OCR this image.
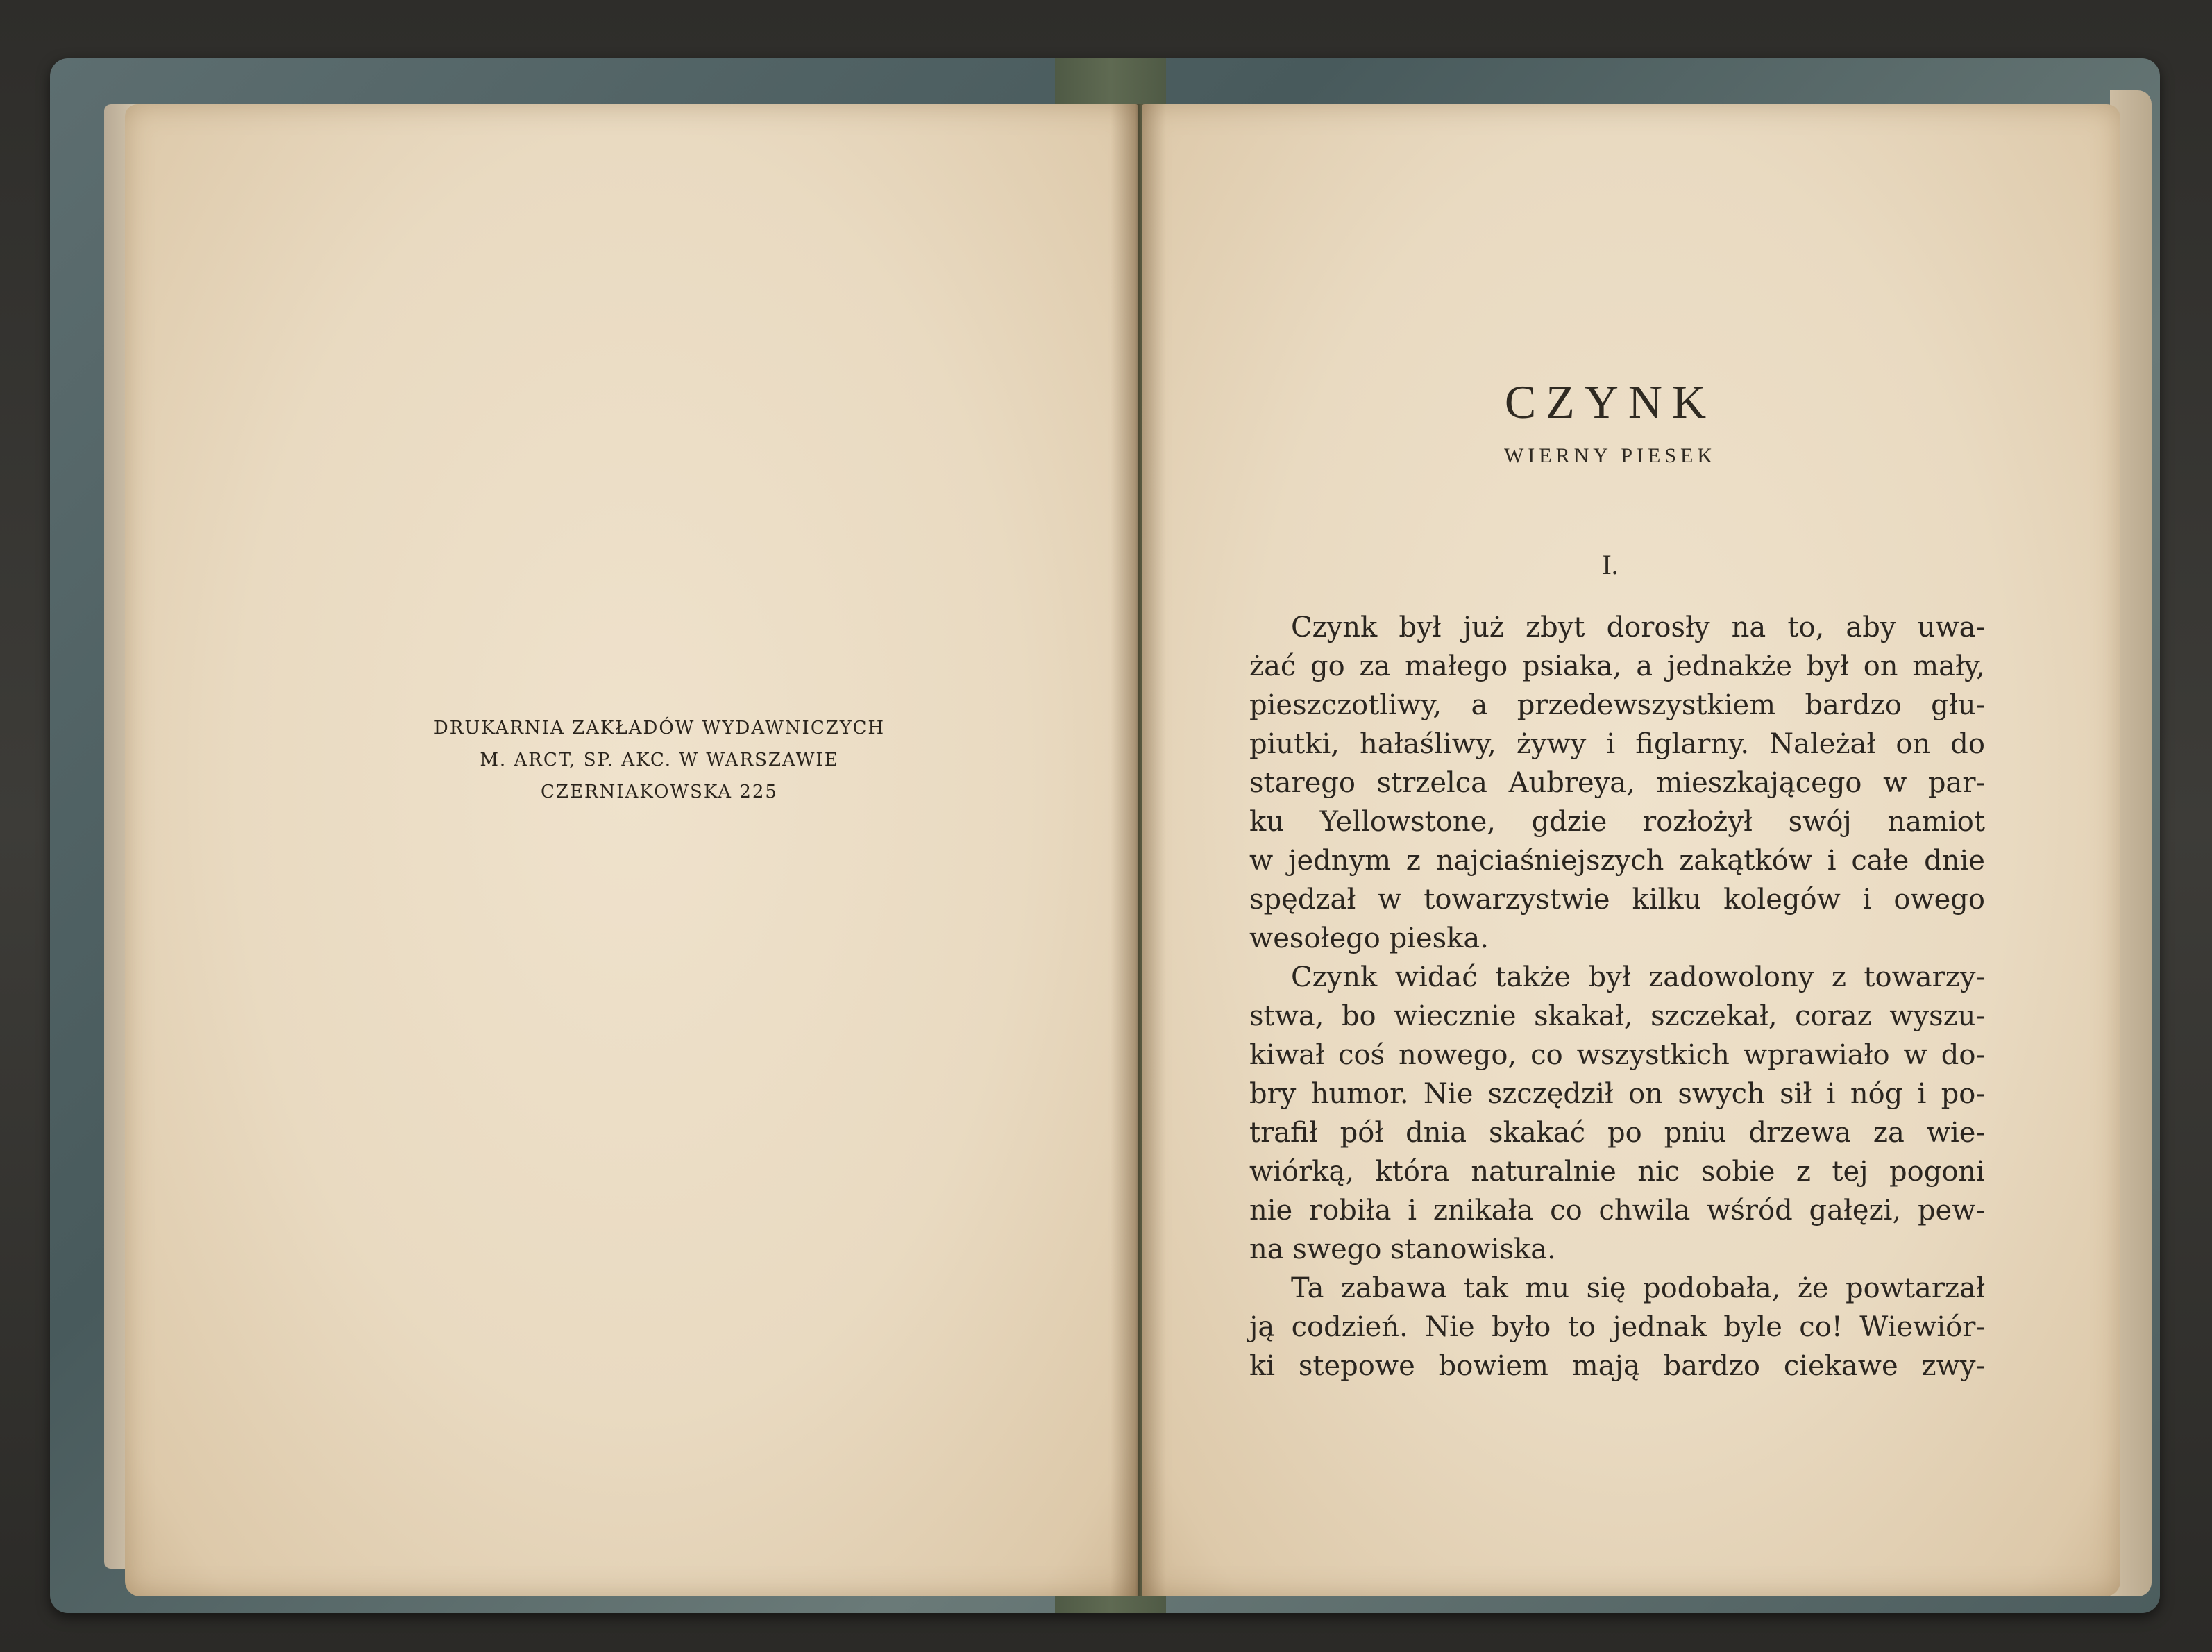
DRUKARNIA ZAKŁADÓW WYDAWNICZYCH
M. ARCT, SP. AKC. W WARSZAWIE
CZERNIAKOWSKA 225
CZYNK
WIERNY PIESEK
I.
Czynk był już zbyt dorosły na to, aby uwa-
żać go za małego psiaka, a jednakże był on mały,
pieszczotliwy, a przedewszystkiem bardzo głu-
piutki, hałaśliwy, żywy i figlarny. Należał on do
starego strzelca Aubreya, mieszkającego w par-
ku Yellowstone, gdzie rozłożył swój namiot
w jednym z najciaśniejszych zakątków i całe dnie
spędzał w towarzystwie kilku kolegów i owego
wesołego pieska.
Czynk widać także był zadowolony z towarzy-
stwa, bo wiecznie skakał, szczekał, coraz wyszu-
kiwał coś nowego, co wszystkich wprawiało w do-
bry humor. Nie szczędził on swych sił i nóg i po-
trafił pół dnia skakać po pniu drzewa za wie-
wiórką, która naturalnie nic sobie z tej pogoni
nie robiła i znikała co chwila wśród gałęzi, pew-
na swego stanowiska.
Ta zabawa tak mu się podobała, że powtarzał
ją codzień. Nie było to jednak byle co! Wiewiór-
ki stepowe bowiem mają bardzo ciekawe zwy-
